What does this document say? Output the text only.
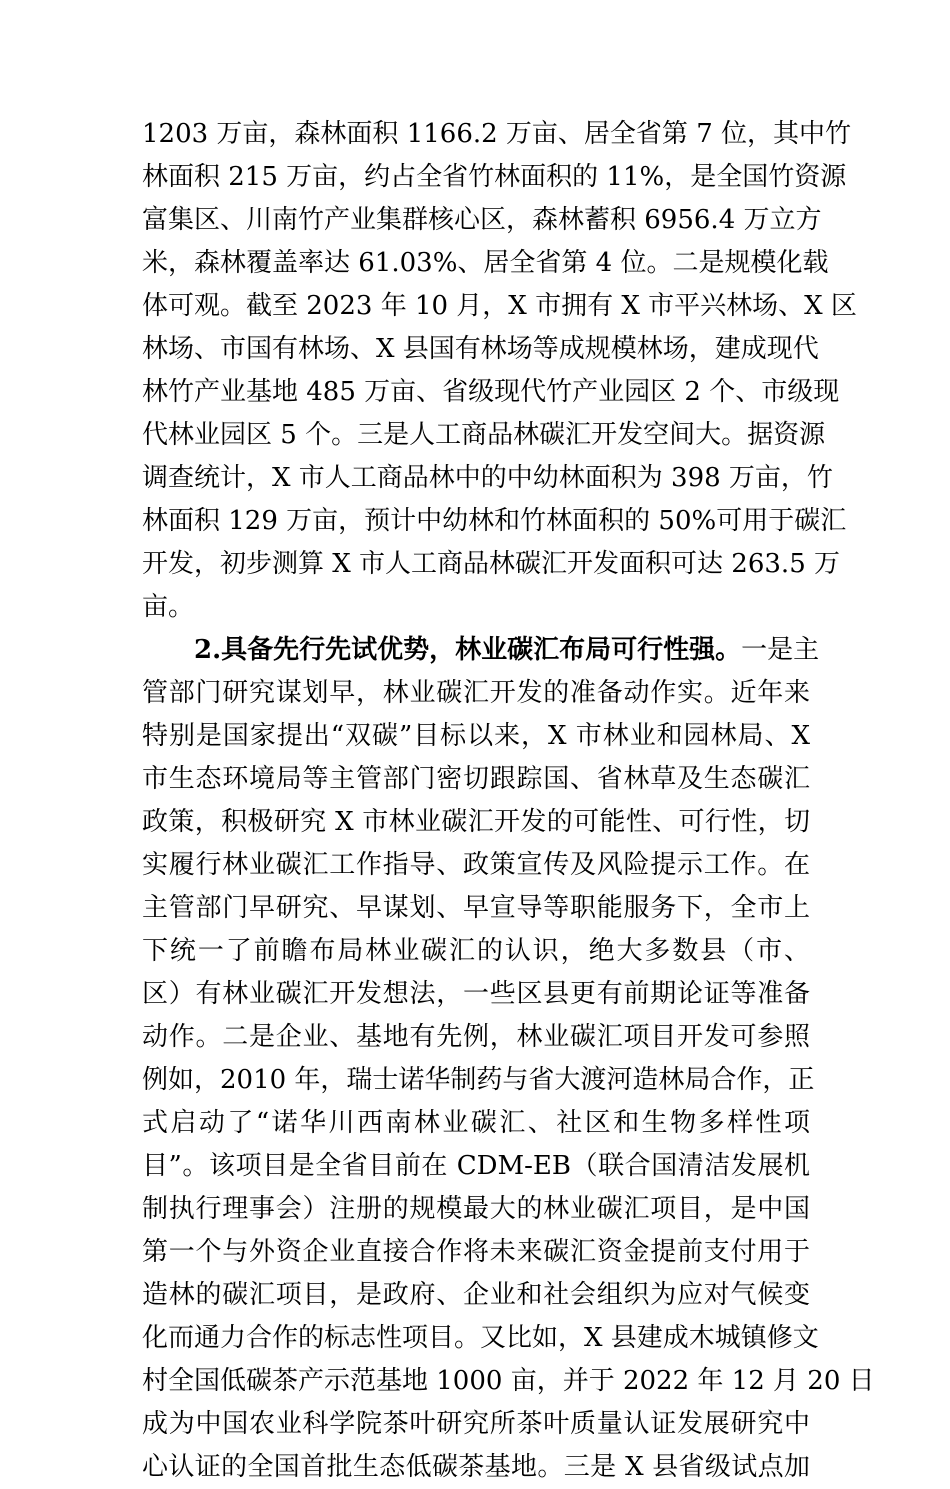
1203 万亩，森林面积 1166.2 万亩、居全省第 7 位，其中竹
林面积 215 万亩，约占全省竹林面积的 11%，是全国竹资源
富集区、川南竹产业集群核心区，森林蓄积 6956.4 万立方
米，森林覆盖率达 61.03%、居全省第 4 位。二是规模化载
体可观。截至 2023 年 10 月，X 市拥有 X 市平兴林场、X 区
林场、市国有林场、X 县国有林场等成规模林场，建成现代
林竹产业基地 485 万亩、省级现代竹产业园区 2 个、市级现
代林业园区 5 个。三是人工商品林碳汇开发空间大。据资源
调查统计，X 市人工商品林中的中幼林面积为 398 万亩，竹
林面积 129 万亩，预计中幼林和竹林面积的 50%可用于碳汇
开发，初步测算 X 市人工商品林碳汇开发面积可达 263.5 万
亩。
2.具备先行先试优势，林业碳汇布局可行性强。一是主
管部门研究谋划早，林业碳汇开发的准备动作实。近年来
特别是国家提出“双碳”目标以来，X 市林业和园林局、X
市生态环境局等主管部门密切跟踪国、省林草及生态碳汇
政策，积极研究 X 市林业碳汇开发的可能性、可行性，切
实履行林业碳汇工作指导、政策宣传及风险提示工作。在
主管部门早研究、早谋划、早宣导等职能服务下，全市上
下统一了前瞻布局林业碳汇的认识，绝大多数县（市、
区）有林业碳汇开发想法，一些区县更有前期论证等准备
动作。二是企业、基地有先例，林业碳汇项目开发可参照
例如，2010 年，瑞士诺华制药与省大渡河造林局合作，正
式启动了“诺华川西南林业碳汇、社区和生物多样性项
目”。该项目是全省目前在 CDM-EB（联合国清洁发展机
制执行理事会）注册的规模最大的林业碳汇项目，是中国
第一个与外资企业直接合作将未来碳汇资金提前支付用于
造林的碳汇项目，是政府、企业和社会组织为应对气候变
化而通力合作的标志性项目。又比如，X 县建成木城镇修文
村全国低碳茶产示范基地 1000 亩，并于 2022 年 12 月 20 日
成为中国农业科学院茶叶研究所茶叶质量认证发展研究中
心认证的全国首批生态低碳茶基地。三是 X 县省级试点加
